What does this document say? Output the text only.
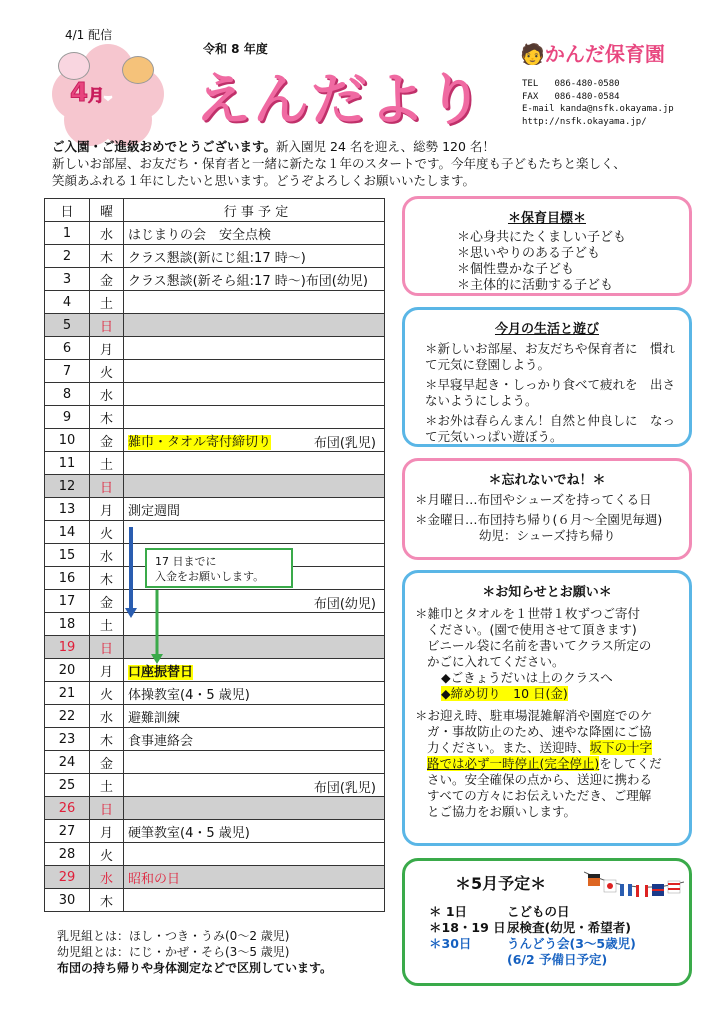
4/1 配信
4月
令和 8 年度
えんだより
🧑‍かんだ保育園
TEL   086-480-0580
FAX   086-480-0584
E-mail kanda@nsfk.okayama.jp
http://nsfk.okayama.jp/
ご入園・ご進級おめでとうございます。新入園児 24 名を迎え、総勢 120 名！
新しいお部屋、お友だち・保育者と一緒に新たな１年のスタートです。今年度も子どもたちと楽しく、
笑顔あふれる１年にしたいと思います。どうぞよろしくお願いいたします。
日	曜	行 事 予 定
1	水	はじまりの会　安全点検
2	木	クラス懇談(新にじ組:17 時～)
3	金	クラス懇談(新そら組:17 時～)布団(幼児)
4	土	
5	日	
6	月	
7	火	
8	水	
9	木	
10	金	雑巾・タオル寄付締切り 布団(乳児)

11	土	
12	日	
13	月	測定週間
14	火	
15	水	
16	木	
17	金	布団(幼児)

18	土	
19	日	
20	月	口座振替日
21	火	体操教室(4・5 歳児)
22	水	避難訓練
23	木	食事連絡会
24	金	
25	土	布団(乳児)

26	日	
27	月	硬筆教室(4・5 歳児)
28	火	
29	水	昭和の日
30	木	
17 日までに
入金をお願いします。
乳児組とは：ほし・つき・うみ(0～2 歳児)
幼児組とは：にじ・かぜ・そら(3～5 歳児)
布団の持ち帰りや身体測定などで区別しています。
＊保育目標＊
＊心身共にたくましい子ども
＊思いやりのある子ども
＊個性豊かな子ども
＊主体的に活動する子ども
今月の生活と遊び
＊新しいお部屋、お友だちや保育者に　慣れて元気に登園しよう。
＊早寝早起き・しっかり食べて疲れを　出さないようにしよう。
＊お外は春らんまん！自然と仲良しに　なって元気いっぱい遊ぼう。
＊忘れないでね！＊
＊月曜日…布団やシューズを持ってくる日
＊金曜日…布団持ち帰り(６月～全園児毎週)
幼児：シューズ持ち帰り
＊お知らせとお願い＊
＊雑巾とタオルを１世帯１枚ずつご寄付
ください。(園で使用させて頂きます)
ビニール袋に名前を書いてクラス所定の
かごに入れてください。
◆ごきょうだいは上のクラスへ
◆締め切り　10 日(金)
＊お迎え時、駐車場混雑解消や園庭でのケ
ガ・事故防止のため、速やな降園にご協
力ください。また、送迎時、坂下の十字
路では必ず一時停止(完全停止)をしてくだ
さい。安全確保の点から、送迎に携わる
すべての方々にお伝えいただき、ご理解
とご協力をお願いします。
＊5月予定＊
＊ 1日	こどもの日
＊18・19 日 尿検査(幼児・希望者)
＊30日	うんどう会(3～5歳児)
(6/2 予備日予定)
